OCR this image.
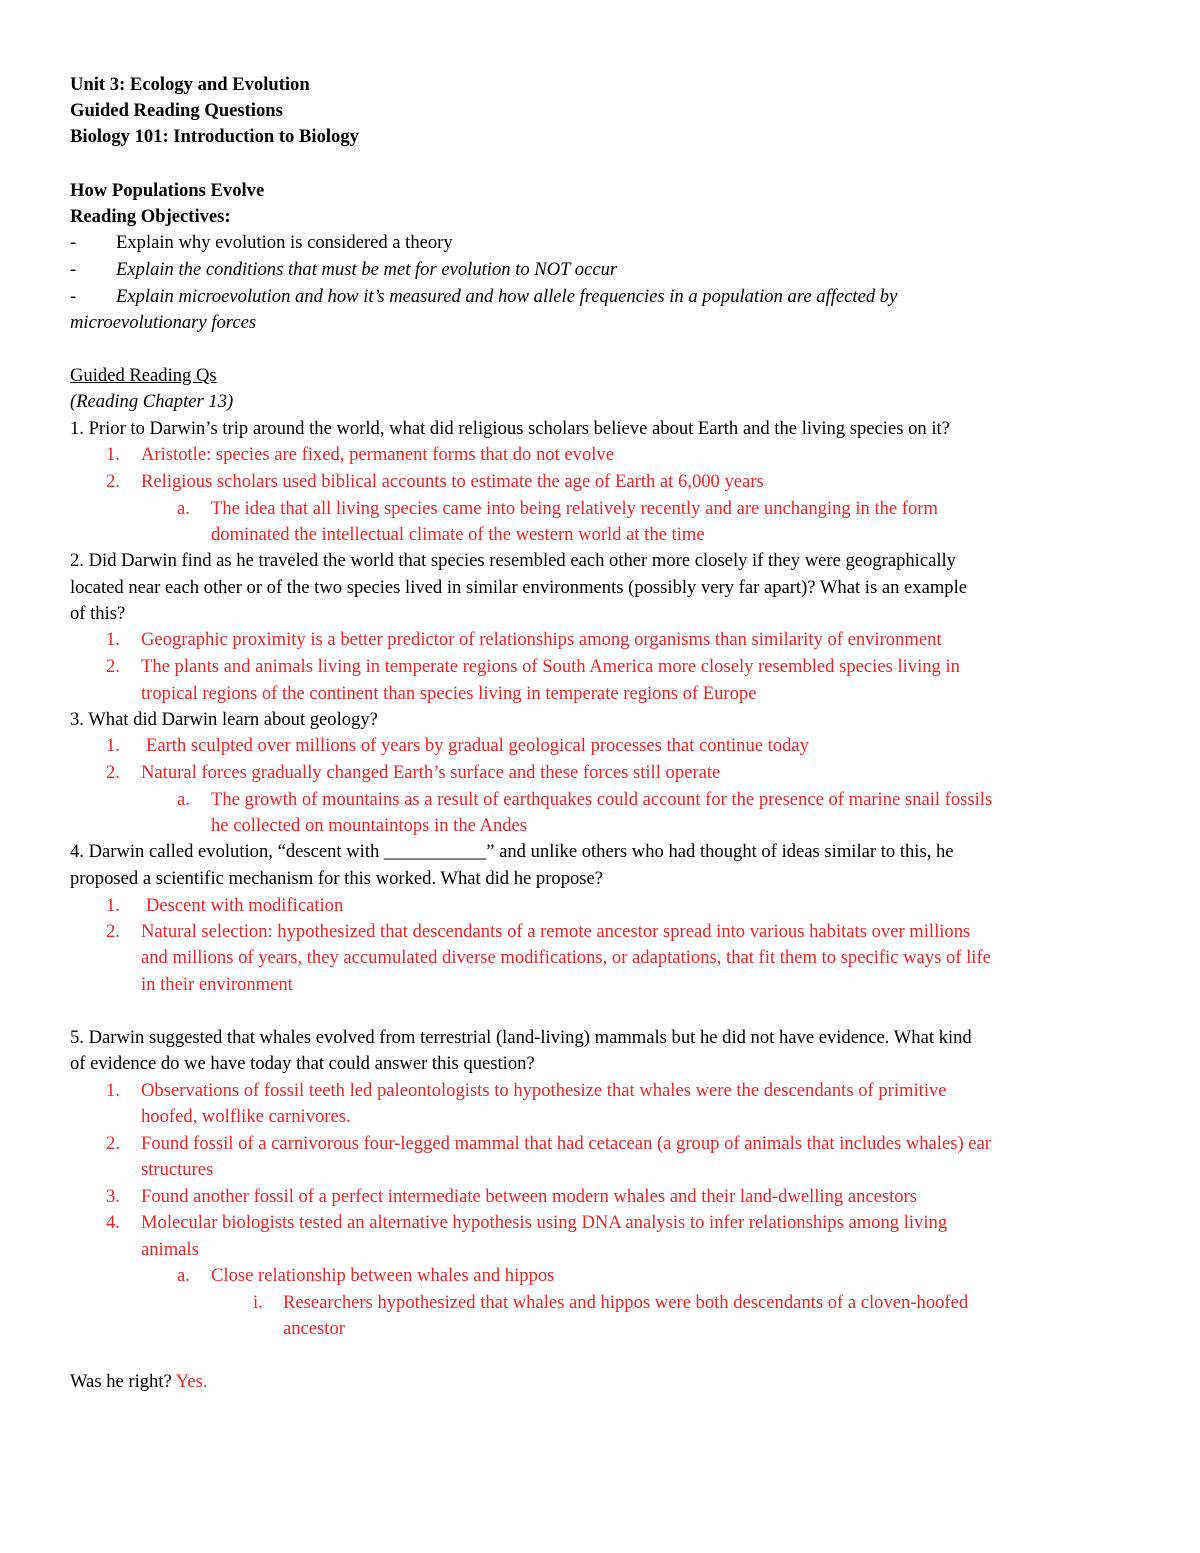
Unit 3: Ecology and Evolution
Guided Reading Questions
Biology 101: Introduction to Biology
How Populations Evolve
Reading Objectives:
- Explain why evolution is considered a theory
- Explain the conditions that must be met for evolution to NOT occur
- Explain microevolution and how it’s measured and how allele frequencies in a population are affected by
microevolutionary forces
Guided Reading Qs
(Reading Chapter 13)
1. Prior to Darwin’s trip around the world, what did religious scholars believe about Earth and the living species on it?
1. Aristotle: species are fixed, permanent forms that do not evolve
2. Religious scholars used biblical accounts to estimate the age of Earth at 6,000 years
a. The idea that all living species came into being relatively recently and are unchanging in the form
dominated the intellectual climate of the western world at the time
2. Did Darwin find as he traveled the world that species resembled each other more closely if they were geographically
located near each other or of the two species lived in similar environments (possibly very far apart)? What is an example
of this?
1. Geographic proximity is a better predictor of relationships among organisms than similarity of environment
2. The plants and animals living in temperate regions of South America more closely resembled species living in
tropical regions of the continent than species living in temperate regions of Europe
3. What did Darwin learn about geology?
1. Earth sculpted over millions of years by gradual geological processes that continue today
2. Natural forces gradually changed Earth’s surface and these forces still operate
a. The growth of mountains as a result of earthquakes could account for the presence of marine snail fossils
he collected on mountaintops in the Andes
4. Darwin called evolution, “descent with ___________” and unlike others who had thought of ideas similar to this, he
proposed a scientific mechanism for this worked. What did he propose?
1. Descent with modification
2. Natural selection: hypothesized that descendants of a remote ancestor spread into various habitats over millions
and millions of years, they accumulated diverse modifications, or adaptations, that fit them to specific ways of life
in their environment
5. Darwin suggested that whales evolved from terrestrial (land-living) mammals but he did not have evidence. What kind
of evidence do we have today that could answer this question?
1. Observations of fossil teeth led paleontologists to hypothesize that whales were the descendants of primitive
hoofed, wolflike carnivores.
2. Found fossil of a carnivorous four-legged mammal that had cetacean (a group of animals that includes whales) ear
structures
3. Found another fossil of a perfect intermediate between modern whales and their land-dwelling ancestors
4. Molecular biologists tested an alternative hypothesis using DNA analysis to infer relationships among living
animals
a. Close relationship between whales and hippos
i. Researchers hypothesized that whales and hippos were both descendants of a cloven-hoofed
ancestor
Was he right? Yes.
